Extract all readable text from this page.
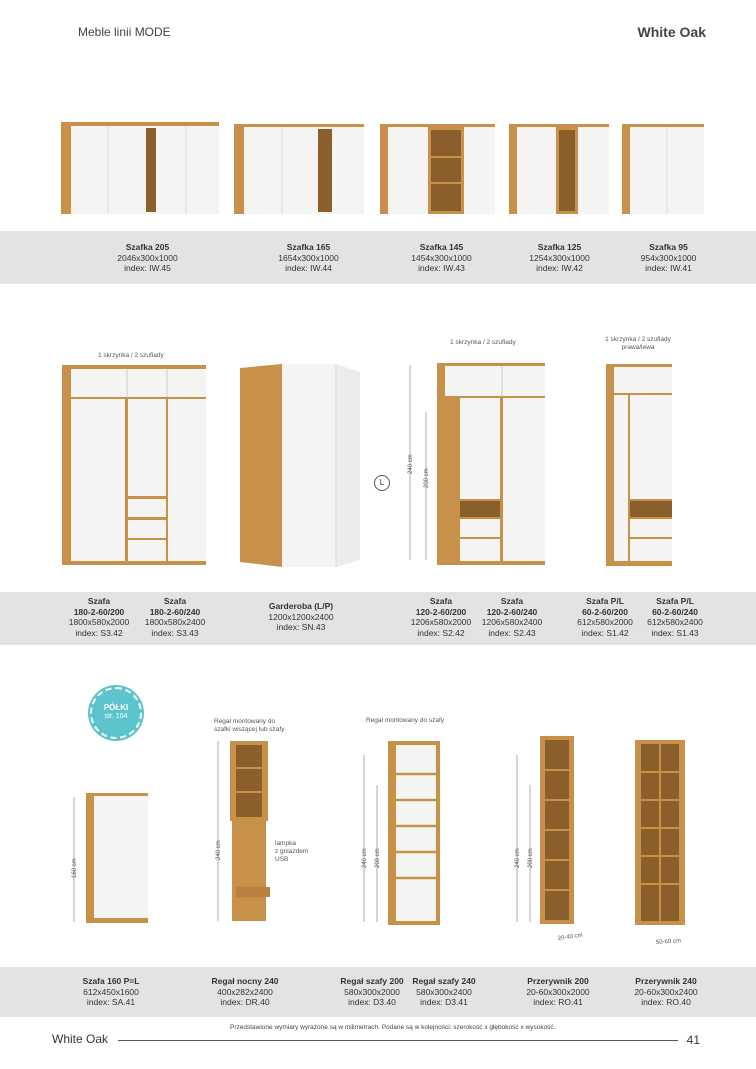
Meble linii MODE	White Oak
240 cm
200 cm
160 cm
240 cm	240 cm 200 cm	240 cm 200 cm
20-40 cm
50-60 cm
Szafka 205
2046x300x1000
index: IW.45
Szafka 165
1654x300x1000
index: IW.44
Szafka 145
1454x300x1000
index: IW.43
Szafka 125
1254x300x1000
index: IW.42
Szafka 95
954x300x1000
index: IW.41
1 skrzynka / 2 szuflady
1 skrzynka / 2 szuflady	1 skrzynka / 2 szuflady
prawa/lewa
L
Szafa
180-2-60/200
1800x580x2000
index: S3.42
Szafa
180-2-60/240
1800x580x2400
index: S3.43
Garderoba (L/P)
1200x1200x2400
index: SN.43
Szafa
120-2-60/200
1206x580x2000
index: S2.42
Szafa
120-2-60/240
1206x580x2400
index: S2.43
Szafa P/L
60-2-60/200
612x580x2000
index: S1.42
Szafa P/L
60-2-60/240
612x580x2400
index: S1.43
PÓŁKI
str. 104
Regał montowany do
szafki wiszącej lub szafy
Regał montowany do szafy
lampka
z gniazdem
USB
Szafa 160 P=L
612x450x1600
index: SA.41
Regał nocny 240
400x282x2400
index: DR.40
Regał szafy 200
580x300x2000
index: D3.40
Regał szafy 240
580x300x2400
index: D3.41
Przerywnik 200
20-60x300x2000
index: RO.41
Przerywnik 240
20-60x300x2400
index: RO.40
Przedstawione wymiary wyrażone są w milimetrach. Podane są w kolejności: szerokość x głębokość x wysokość.
White Oak	41
